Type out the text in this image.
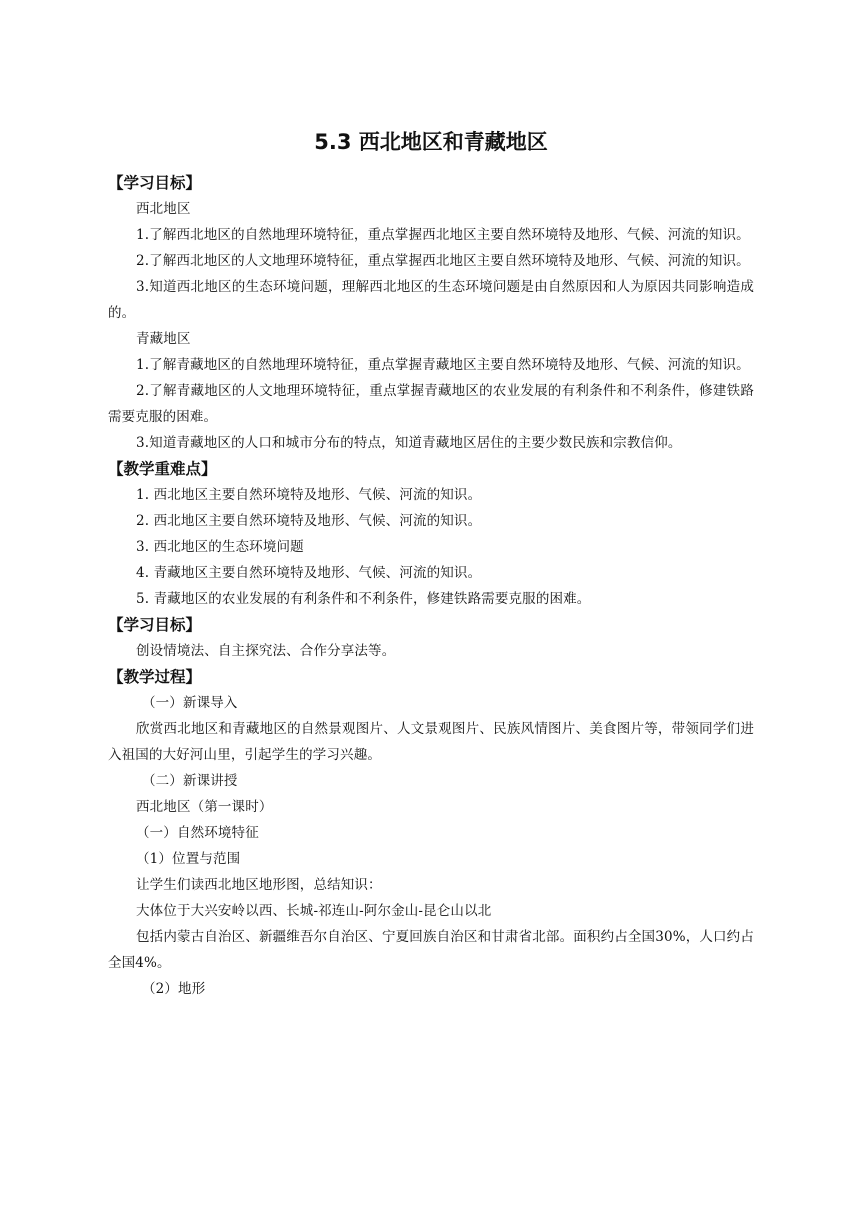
5.3 西北地区和青藏地区
【学习目标】

西北地区

1.了解西北地区的自然地理环境特征，重点掌握西北地区主要自然环境特及地形、气候、河流的知识。

2.了解西北地区的人文地理环境特征，重点掌握西北地区主要自然环境特及地形、气候、河流的知识。

3.知道西北地区的生态环境问题，理解西北地区的生态环境问题是由自然原因和人为原因共同影响造成的。

青藏地区

1.了解青藏地区的自然地理环境特征，重点掌握青藏地区主要自然环境特及地形、气候、河流的知识。

2.了解青藏地区的人文地理环境特征，重点掌握青藏地区的农业发展的有利条件和不利条件，修建铁路需要克服的困难。

3.知道青藏地区的人口和城市分布的特点，知道青藏地区居住的主要少数民族和宗教信仰。

【教学重难点】

1. 西北地区主要自然环境特及地形、气候、河流的知识。

2. 西北地区主要自然环境特及地形、气候、河流的知识。

3. 西北地区的生态环境问题

4. 青藏地区主要自然环境特及地形、气候、河流的知识。

5. 青藏地区的农业发展的有利条件和不利条件，修建铁路需要克服的困难。

【学习目标】

创设情境法、自主探究法、合作分享法等。

【教学过程】

（一）新课导入

欣赏西北地区和青藏地区的自然景观图片、人文景观图片、民族风情图片、美食图片等，带领同学们进入祖国的大好河山里，引起学生的学习兴趣。

（二）新课讲授

西北地区（第一课时）

（一）自然环境特征

（1）位置与范围

让学生们读西北地区地形图，总结知识：

大体位于大兴安岭以西、长城-祁连山-阿尔金山-昆仑山以北

包括内蒙古自治区、新疆维吾尔自治区、宁夏回族自治区和甘肃省北部。面积约占全国30%，人口约占全国4%。

（2）地形
